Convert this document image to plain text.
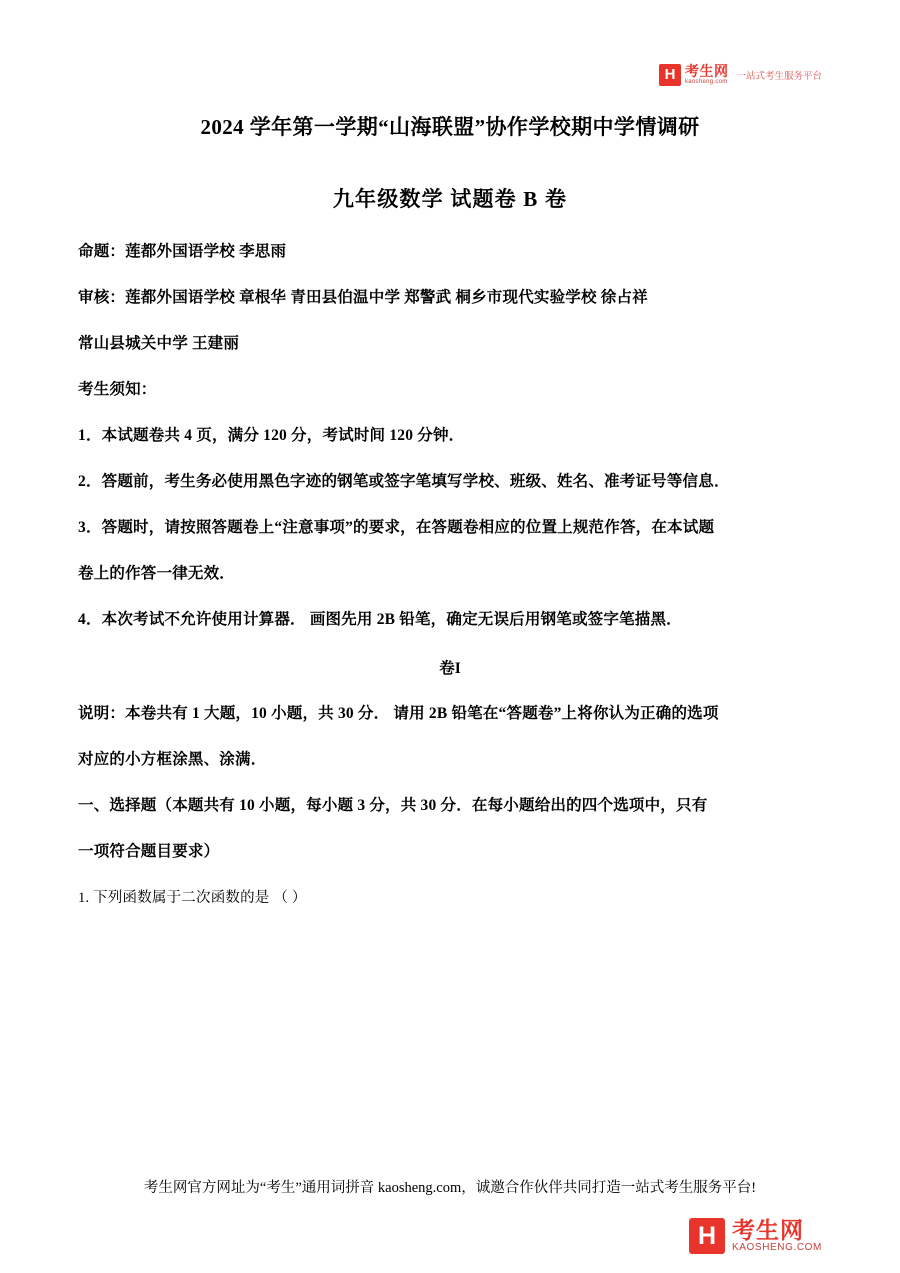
H 考生网
kaosheng.com 一站式考生服务平台
2024 学年第一学期“山海联盟”协作学校期中学情调研
九年级数学 试题卷 B 卷

命题：莲都外国语学校 李思雨

审核：莲都外国语学校 章根华 青田县伯温中学 郑警武 桐乡市现代实验学校 徐占祥

常山县城关中学 王建丽

考生须知：

1．本试题卷共 4 页，满分 120 分，考试时间 120 分钟．

2．答题前，考生务必使用黑色字迹的钢笔或签字笔填写学校、班级、姓名、准考证号等信息．

3．答题时，请按照答题卷上“注意事项”的要求，在答题卷相应的位置上规范作答，在本试题

卷上的作答一律无效．

4．本次考试不允许使用计算器． 画图先用 2B 铅笔，确定无误后用钢笔或签字笔描黑．

卷I

说明：本卷共有 1 大题，10 小题，共 30 分． 请用 2B 铅笔在“答题卷”上将你认为正确的选项

对应的小方框涂黑、涂满．

一、选择题（本题共有 10 小题，每小题 3 分，共 30 分．在每小题给出的四个选项中，只有

一项符合题目要求）

1. 下列函数属于二次函数的是 （ ）

考生网官方网址为“考生”通用词拼音 kaosheng.com，诚邀合作伙伴共同打造一站式考生服务平台!
H 考生网
KAOSHENG.COM
